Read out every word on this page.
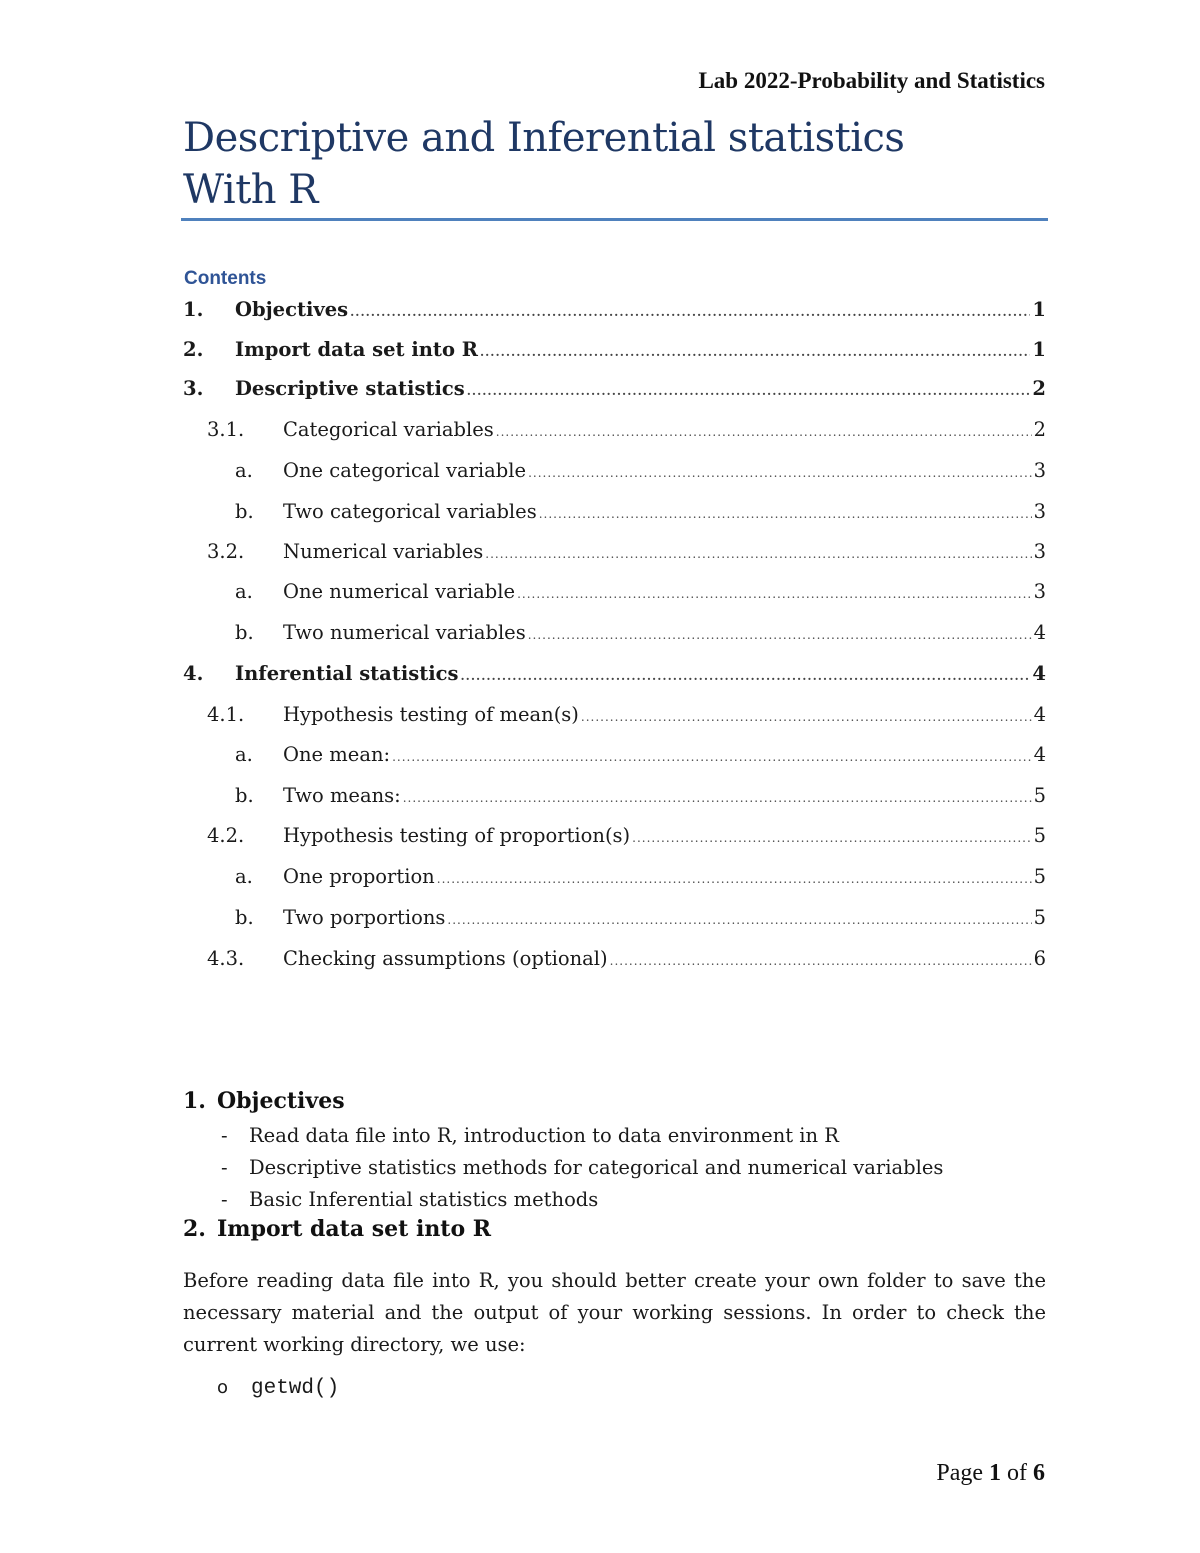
Lab 2022-Probability and Statistics
Descriptive and Inferential statistics
With R
Contents
1.	Objectives .....	1
2.	Import data set into R .....	1
3.	Descriptive statistics .....	2
3.1.	Categorical variables .....	2
a.	One categorical variable .....	3
b.	Two categorical variables .....	3
3.2.	Numerical variables .....	3
a.	One numerical variable .....	3
b.	Two numerical variables .....	4
4.	Inferential statistics .....	4
4.1.	Hypothesis testing of mean(s) .....	4
a.	One mean: .....	4
b.	Two means: .....	5
4.2.	Hypothesis testing of proportion(s) .....	5
a.	One proportion .....	5
b.	Two porportions .....	5
4.3.	Checking assumptions (optional) .....	6
1. Objectives
-	Read data file into R, introduction to data environment in R
-	Descriptive statistics methods for categorical and numerical variables
-	Basic Inferential statistics methods
2. Import data set into R

Before reading data file into R, you should better create your own folder to save the necessary material and the output of your working sessions. In order to check the current working directory, we use:

o	getwd()
Page 1 of 6
